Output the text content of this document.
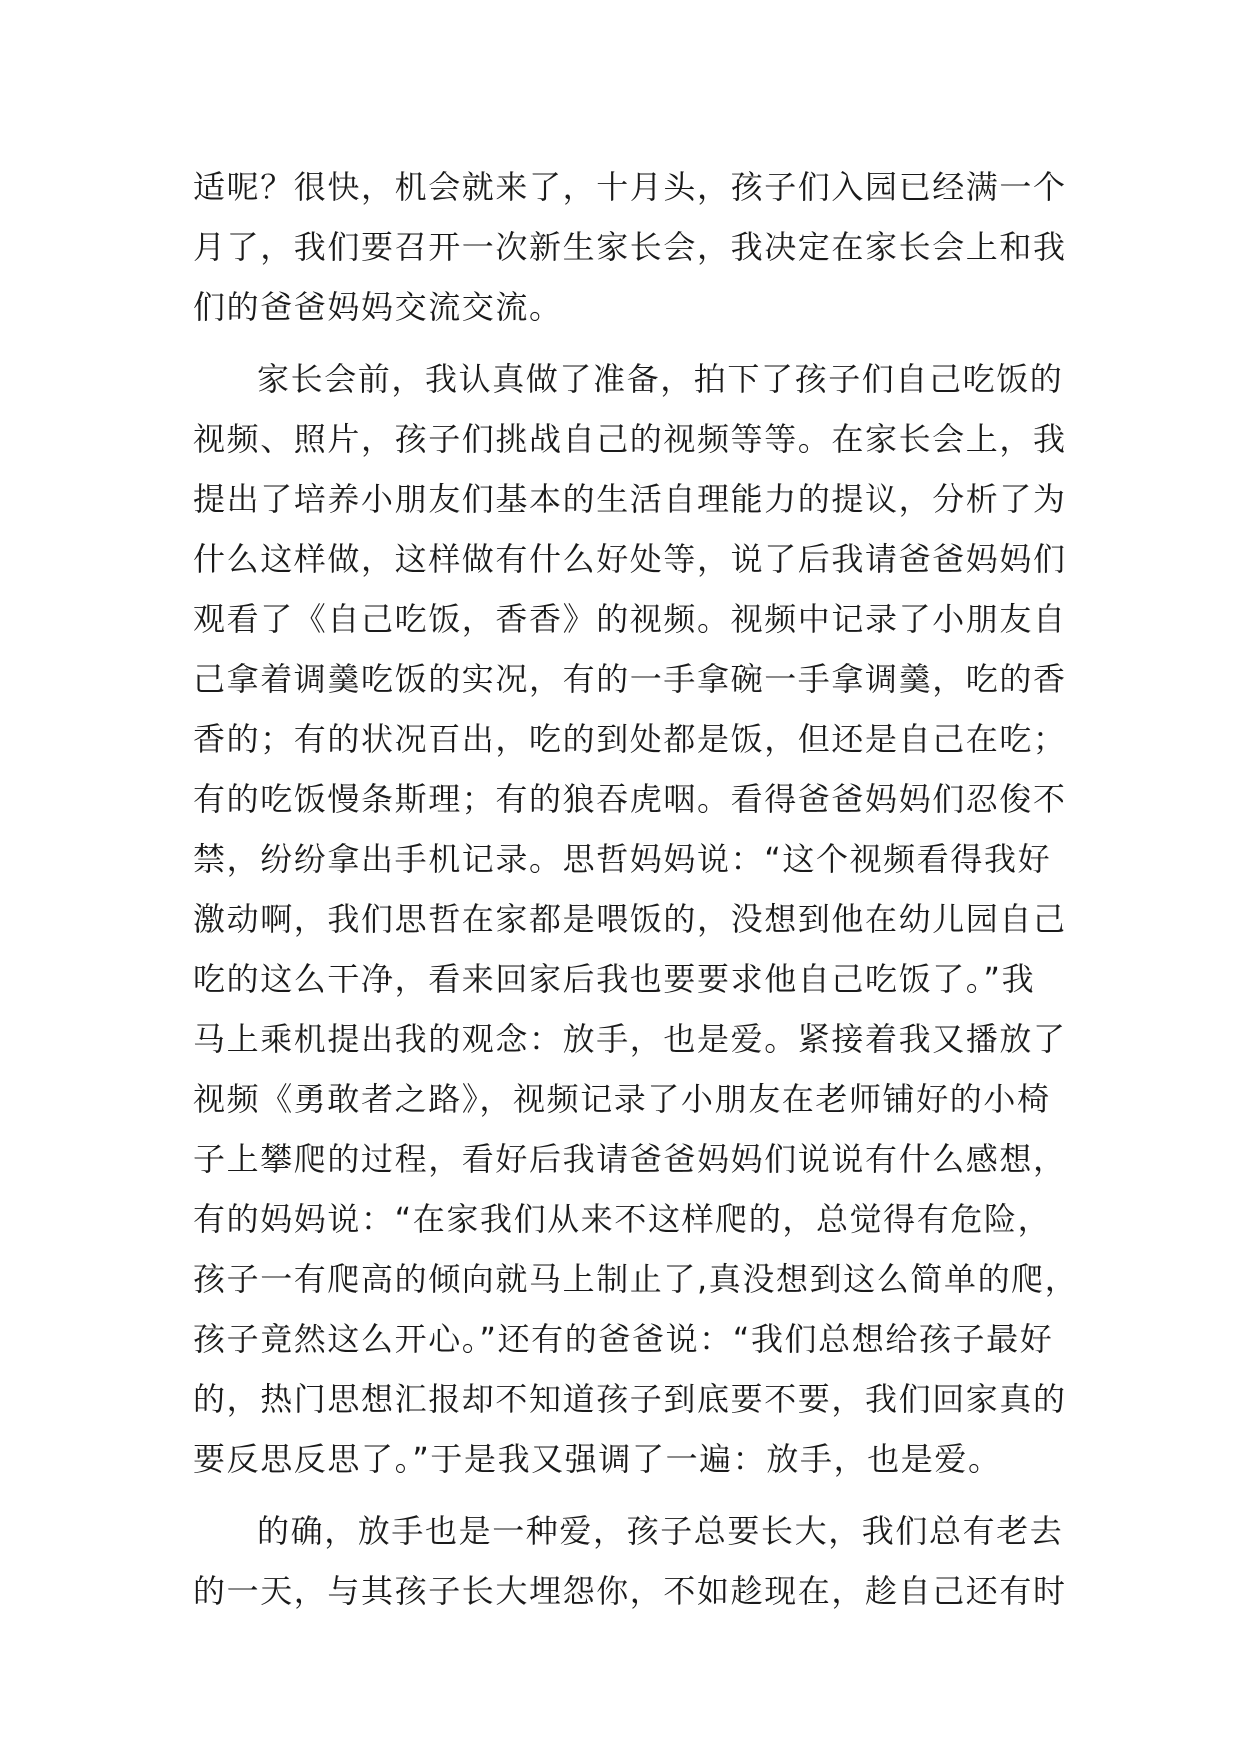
适呢？很快，机会就来了，十月头，孩子们入园已经满一个
月了，我们要召开一次新生家长会，我决定在家长会上和我
们的爸爸妈妈交流交流。
家长会前，我认真做了准备，拍下了孩子们自己吃饭的
视频、照片，孩子们挑战自己的视频等等。在家长会上，我
提出了培养小朋友们基本的生活自理能力的提议，分析了为
什么这样做，这样做有什么好处等，说了后我请爸爸妈妈们
观看了《自己吃饭，香香》的视频。视频中记录了小朋友自
己拿着调羹吃饭的实况，有的一手拿碗一手拿调羹，吃的香
香的；有的状况百出，吃的到处都是饭，但还是自己在吃；
有的吃饭慢条斯理；有的狼吞虎咽。看得爸爸妈妈们忍俊不
禁，纷纷拿出手机记录。思哲妈妈说：“这个视频看得我好
激动啊，我们思哲在家都是喂饭的，没想到他在幼儿园自己
吃的这么干净，看来回家后我也要要求他自己吃饭了。”我
马上乘机提出我的观念：放手，也是爱。紧接着我又播放了
视频《勇敢者之路》，视频记录了小朋友在老师铺好的小椅
子上攀爬的过程，看好后我请爸爸妈妈们说说有什么感想，
有的妈妈说：“在家我们从来不这样爬的，总觉得有危险，
孩子一有爬高的倾向就马上制止了,真没想到这么简单的爬，
孩子竟然这么开心。”还有的爸爸说：“我们总想给孩子最好
的，热门思想汇报却不知道孩子到底要不要，我们回家真的
要反思反思了。”于是我又强调了一遍：放手，也是爱。
的确，放手也是一种爱，孩子总要长大，我们总有老去
的一天，与其孩子长大埋怨你，不如趁现在，趁自己还有时
